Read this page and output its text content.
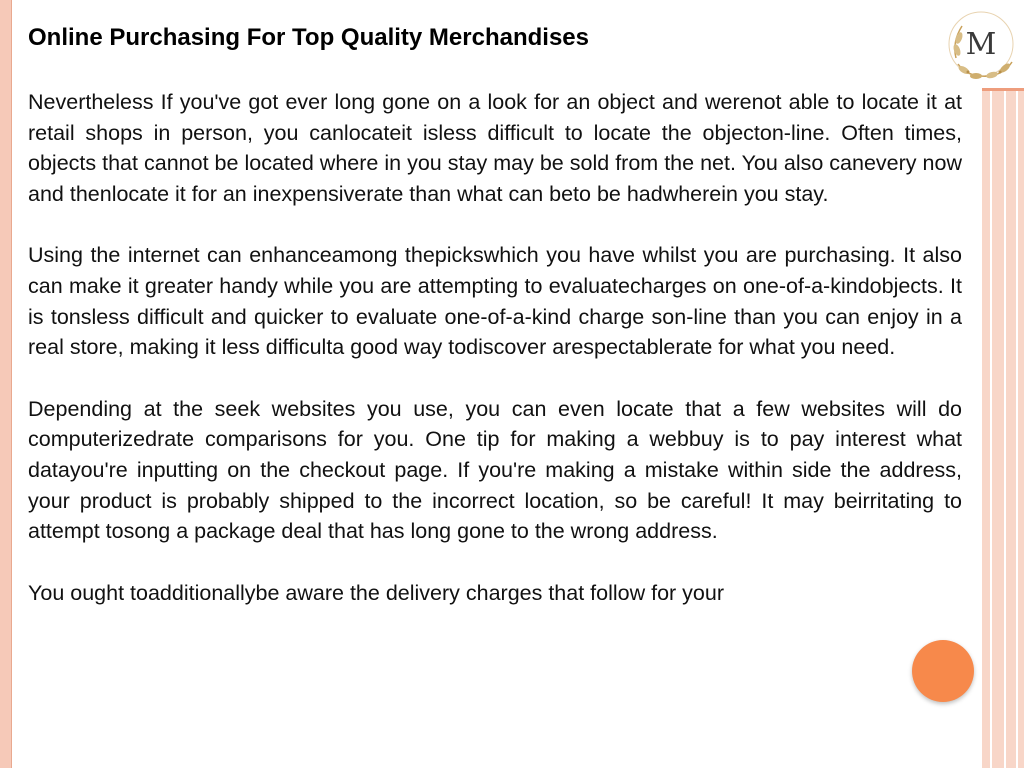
M
Online Purchasing For Top Quality Merchandises

Nevertheless If you've got ever long gone on a look for an object and werenot able to locate it at retail shops in person, you canlocateit isless difficult to locate the objecton-line. Often times, objects that cannot be located where in you stay may be sold from the net. You also canevery now and thenlocate it for an inexpensiverate than what can beto be hadwherein you stay.

Using the internet can enhanceamong thepickswhich you have whilst you are purchasing. It also can make it greater handy while you are attempting to evaluatecharges on one-of-a-kindobjects. It is tonsless difficult and quicker to evaluate one-of-a-kind charge son-line than you can enjoy in a real store, making it less difficulta good way todiscover arespectablerate for what you need.

Depending at the seek websites you use, you can even locate that a few websites will do computerizedrate comparisons for you. One tip for making a webbuy is to pay interest what datayou're inputting on the checkout page. If you're making a mistake within side the address, your product is probably shipped to the incorrect location, so be careful! It may beirritating to attempt tosong a package deal that has long gone to the wrong address.

You ought toadditionallybe aware the delivery charges that follow for your
